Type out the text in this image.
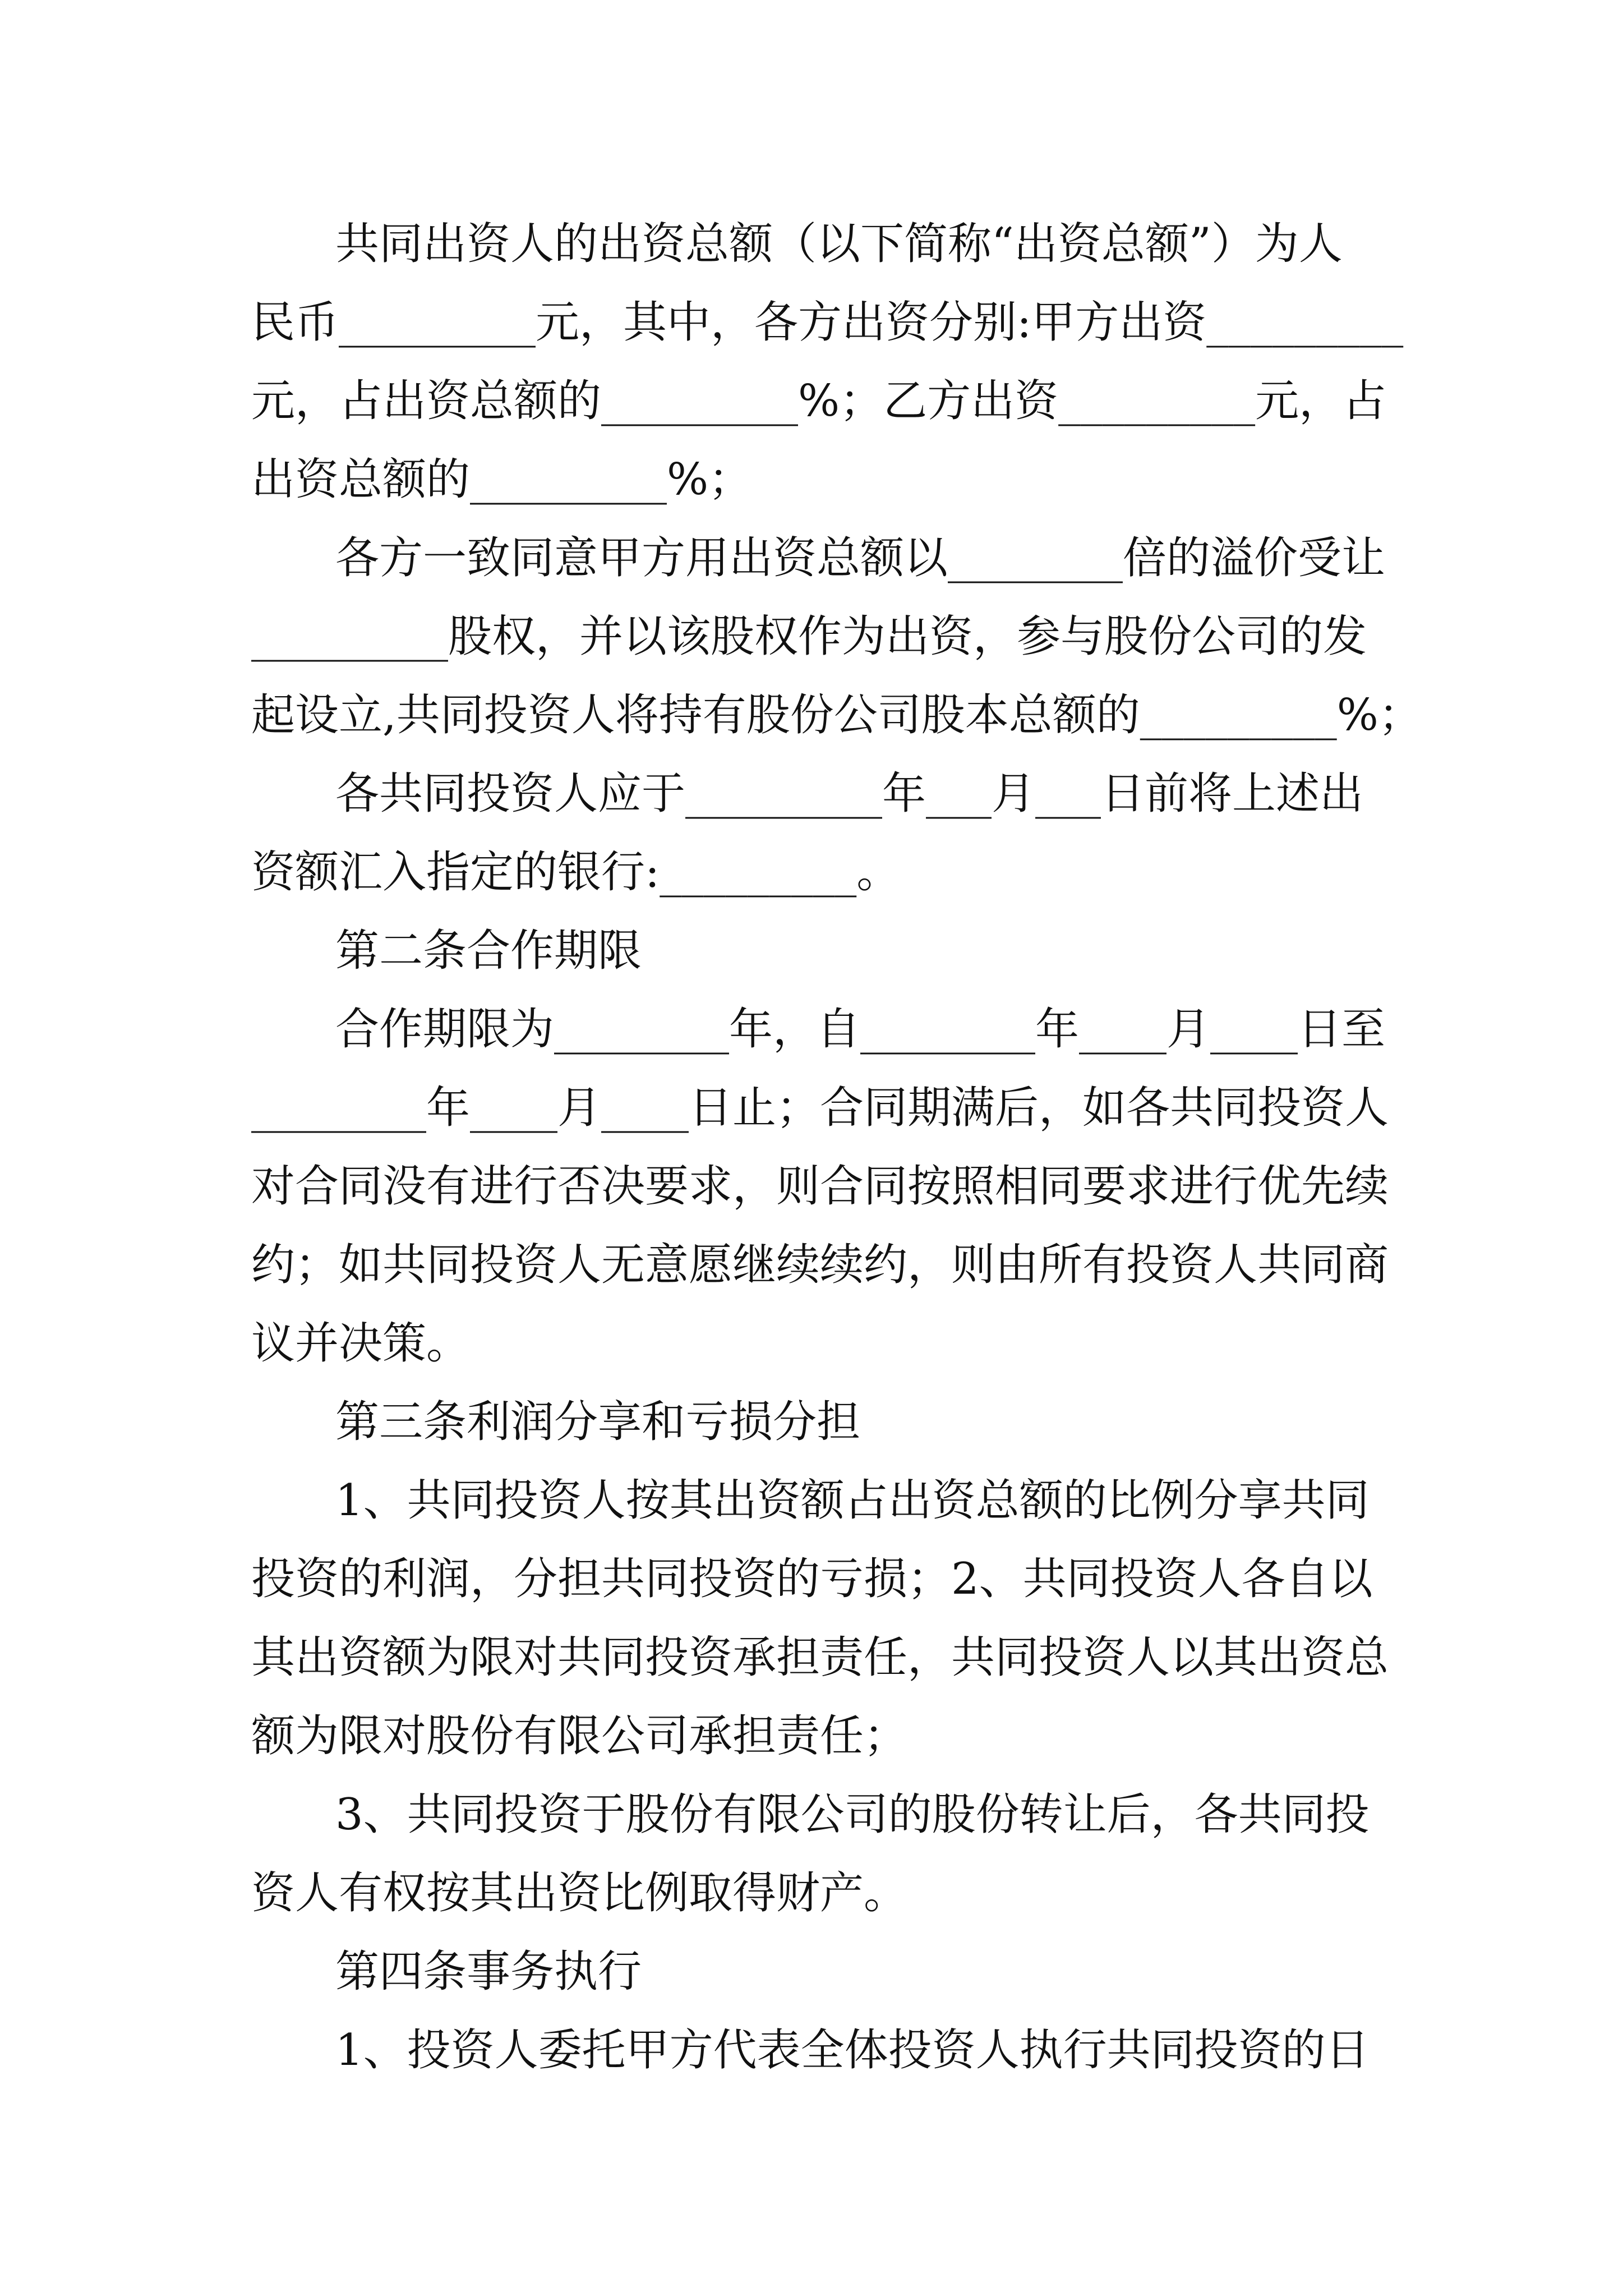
共同出资人的出资总额（以下简称“出资总额”）为人
民币_________元，其中，各方出资分别:甲方出资_________
元，占出资总额的_________%；乙方出资_________元，占
出资总额的_________%；
各方一致同意甲方用出资总额以________倍的溢价受让
_________股权，并以该股权作为出资，参与股份公司的发
起设立,共同投资人将持有股份公司股本总额的_________%；
各共同投资人应于_________年___月___日前将上述出
资额汇入指定的银行:_________。
第二条合作期限
合作期限为________年，自________年____月____日至
________年____月____日止；合同期满后，如各共同投资人
对合同没有进行否决要求，则合同按照相同要求进行优先续
约；如共同投资人无意愿继续续约，则由所有投资人共同商
议并决策。
第三条利润分享和亏损分担
1、共同投资人按其出资额占出资总额的比例分享共同
投资的利润，分担共同投资的亏损；2、共同投资人各自以
其出资额为限对共同投资承担责任，共同投资人以其出资总
额为限对股份有限公司承担责任；
3、共同投资于股份有限公司的股份转让后，各共同投
资人有权按其出资比例取得财产。
第四条事务执行
1、投资人委托甲方代表全体投资人执行共同投资的日
